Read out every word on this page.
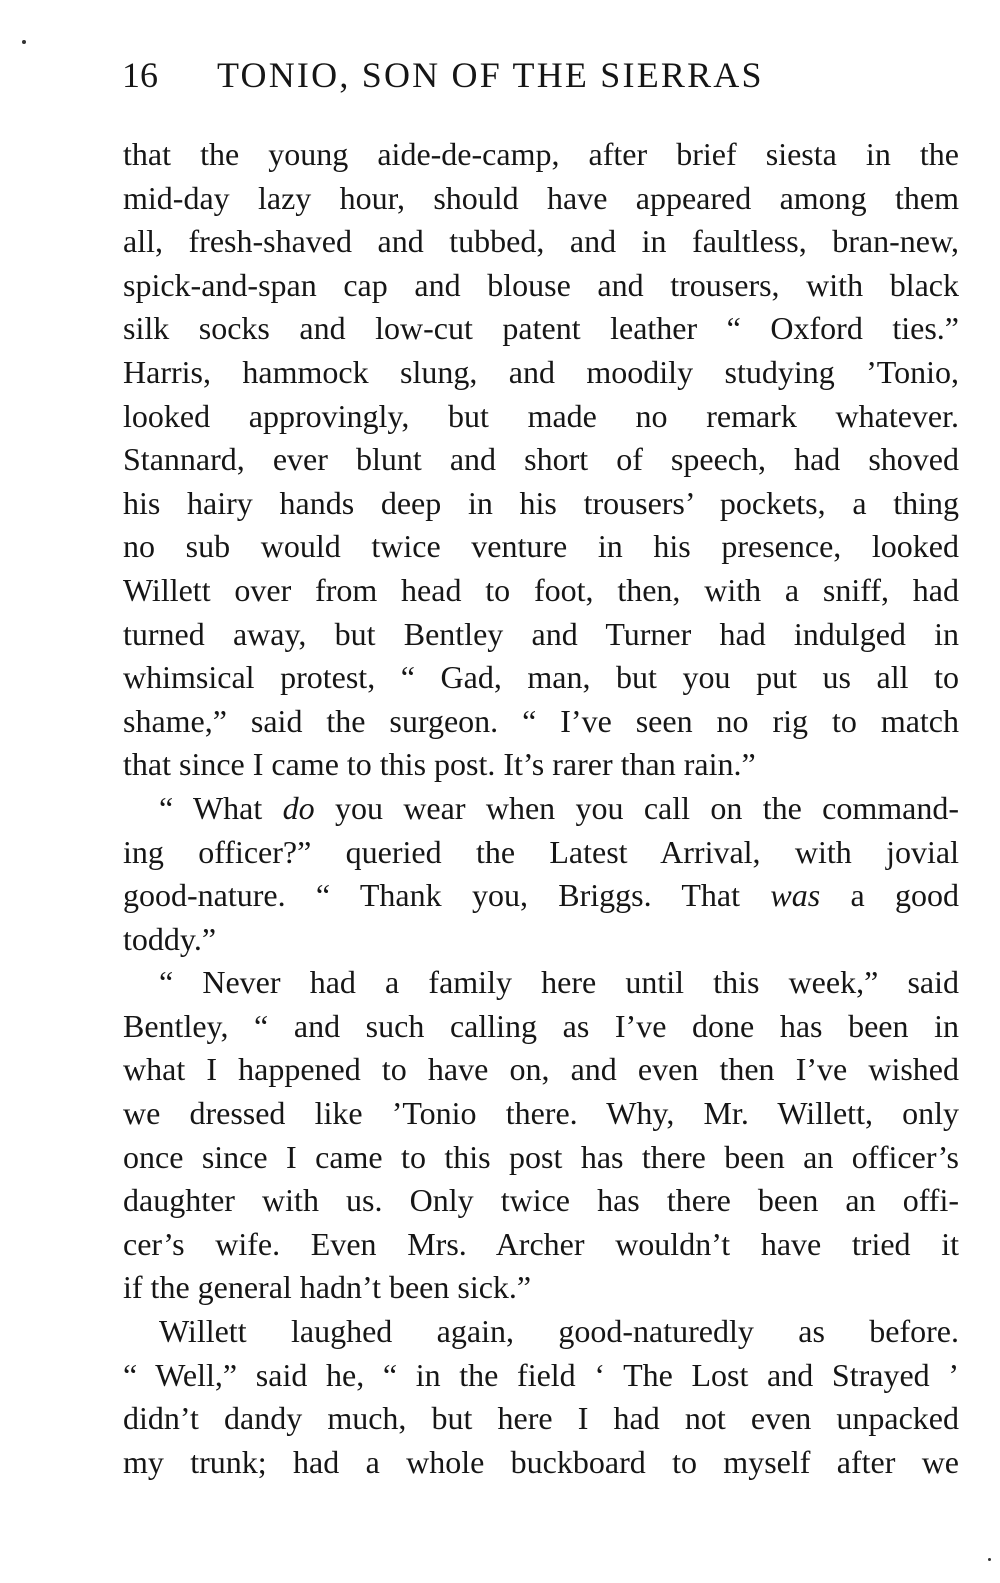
16 TONIO, SON OF THE SIERRAS
that the young aide-de-camp, after brief siesta in the
mid-day lazy hour, should have appeared among them
all, fresh-shaved and tubbed, and in faultless, bran-new,
spick-and-span cap and blouse and trousers, with black
silk socks and low-cut patent leather “ Oxford ties.”
Harris, hammock slung, and moodily studying ’Tonio,
looked approvingly, but made no remark whatever.
Stannard, ever blunt and short of speech, had shoved
his hairy hands deep in his trousers’ pockets, a thing
no sub would twice venture in his presence, looked
Willett over from head to foot, then, with a sniff, had
turned away, but Bentley and Turner had indulged in
whimsical protest, “ Gad, man, but you put us all to
shame,” said the surgeon. “ I’ve seen no rig to match
that since I came to this post. It’s rarer than rain.”
“ What do you wear when you call on the command-
ing officer?” queried the Latest Arrival, with jovial
good-nature. “ Thank you, Briggs. That was a good
toddy.”
“ Never had a family here until this week,” said
Bentley, “ and such calling as I’ve done has been in
what I happened to have on, and even then I’ve wished
we dressed like ’Tonio there. Why, Mr. Willett, only
once since I came to this post has there been an officer’s
daughter with us. Only twice has there been an offi-
cer’s wife. Even Mrs. Archer wouldn’t have tried it
if the general hadn’t been sick.”
Willett laughed again, good-naturedly as before.
“ Well,” said he, “ in the field ‘ The Lost and Strayed ’
didn’t dandy much, but here I had not even unpacked
my trunk; had a whole buckboard to myself after we
